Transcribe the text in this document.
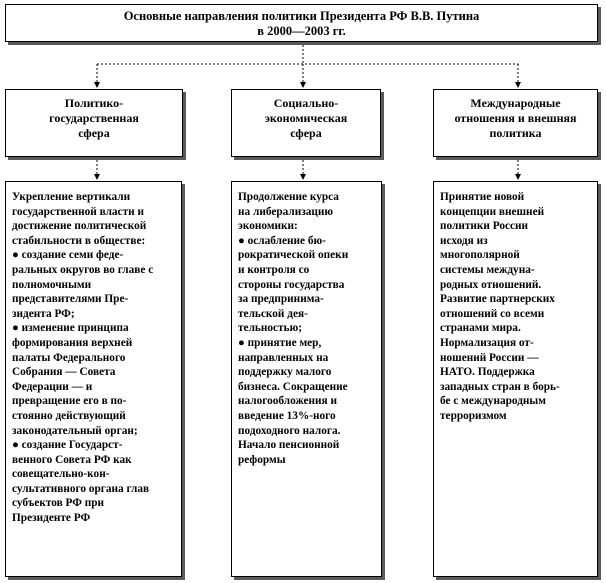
Основные направления политики Президента РФ В.В. Путина
в 2000—2003 гг.
Политико-
государственная
сфера
Социально-
экономическая
сфера
Международные
отношения и внешняя
политика
Укрепление вертикали
государственной власти и
достижение политической
стабильности в обществе:
● создание семи феде-
ральных округов во главе с
полномочными
представителями Пре-
зидента РФ;
● изменение принципа
формирования верхней
палаты Федерального
Собрания — Совета
Федерации — и
превращение его в по-
стоянно действующий
законодательный орган;
● создание Государст-
венного Совета РФ как
совещательно-кон-
сультативного органа глав
субъектов РФ при
Президенте РФ
Продолжение курса
на либерализацию
экономики:
● ослабление бю-
рократической опеки
и контроля со
стороны государства
за предпринима-
тельской дея-
тельностью;
● принятие мер,
направленных на
поддержку малого
бизнеса. Сокращение
налогообложения и
введение 13%-ного
подоходного налога.
Начало пенсионной
реформы
Принятие новой
концепции внешней
политики России
исходя из
многополярной
системы междуна-
родных отношений.
Развитие партнерских
отношений со всеми
странами мира.
Нормализация от-
ношений России —
НАТО. Поддержка
западных стран в борь-
бе с международным
терроризмом
